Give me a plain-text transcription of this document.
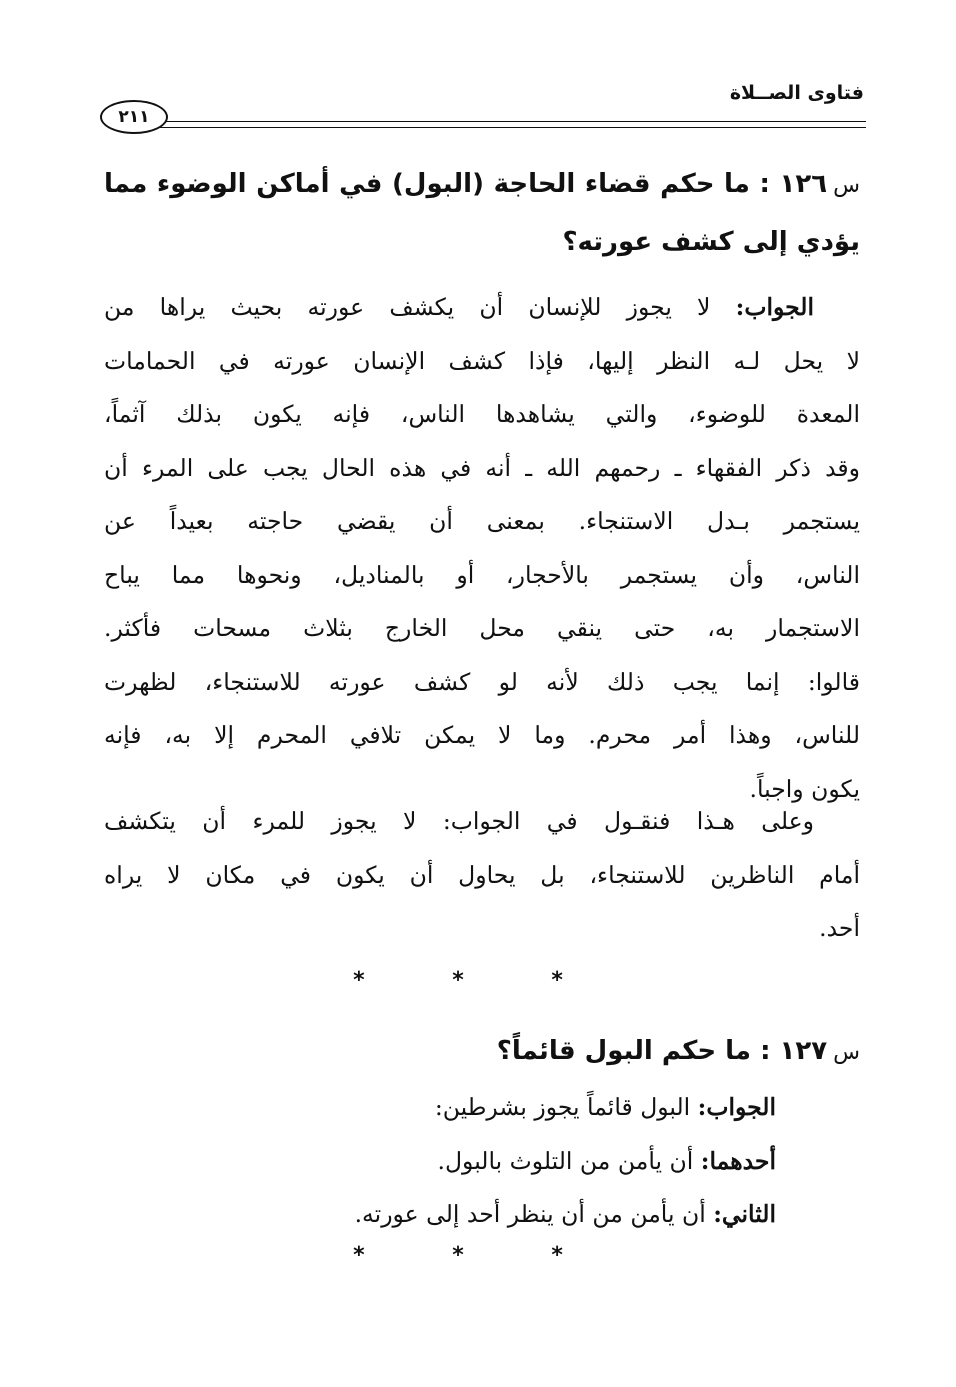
فتاوى الصــلاة
٢١١
س١٢٦ : ما حكم قضاء الحاجة (البول) في أماكن الوضوء مما
يؤدي إلى كشف عورته؟
الجواب: لا يجوز للإنسان أن يكشف عورته بحيث يراها من
لا يحل لـه النظر إليها، فإذا كشف الإنسان عورته في الحمامات
المعدة للوضوء، والتي يشاهدها الناس، فإنه يكون بذلك آثماً،
وقد ذكر الفقهاء ـ رحمهم الله ـ أنه في هذه الحال يجب على المرء أن
يستجمر بـدل الاستنجاء. بمعنى أن يقضي حاجته بعيداً عن
الناس، وأن يستجمر بالأحجار، أو بالمناديل، ونحوها مما يباح
الاستجمار به، حتى ينقي محل الخارج بثلاث مسحات فأكثر.
قالوا: إنما يجب ذلك لأنه لو كشف عورته للاستنجاء، لظهرت
للناس، وهذا أمر محرم. وما لا يمكن تلافي المحرم إلا به، فإنه
يكون واجباً.
وعلى هـذا فنقـول في الجواب: لا يجوز للمرء أن يتكشف
أمام الناظرين للاستنجاء، بل يحاول أن يكون في مكان لا يراه
أحد.
* * *
س١٢٧ : ما حكم البول قائماً؟
الجواب: البول قائماً يجوز بشرطين:
أحدهما: أن يأمن من التلوث بالبول.
الثاني: أن يأمن من أن ينظر أحد إلى عورته.
* * *
